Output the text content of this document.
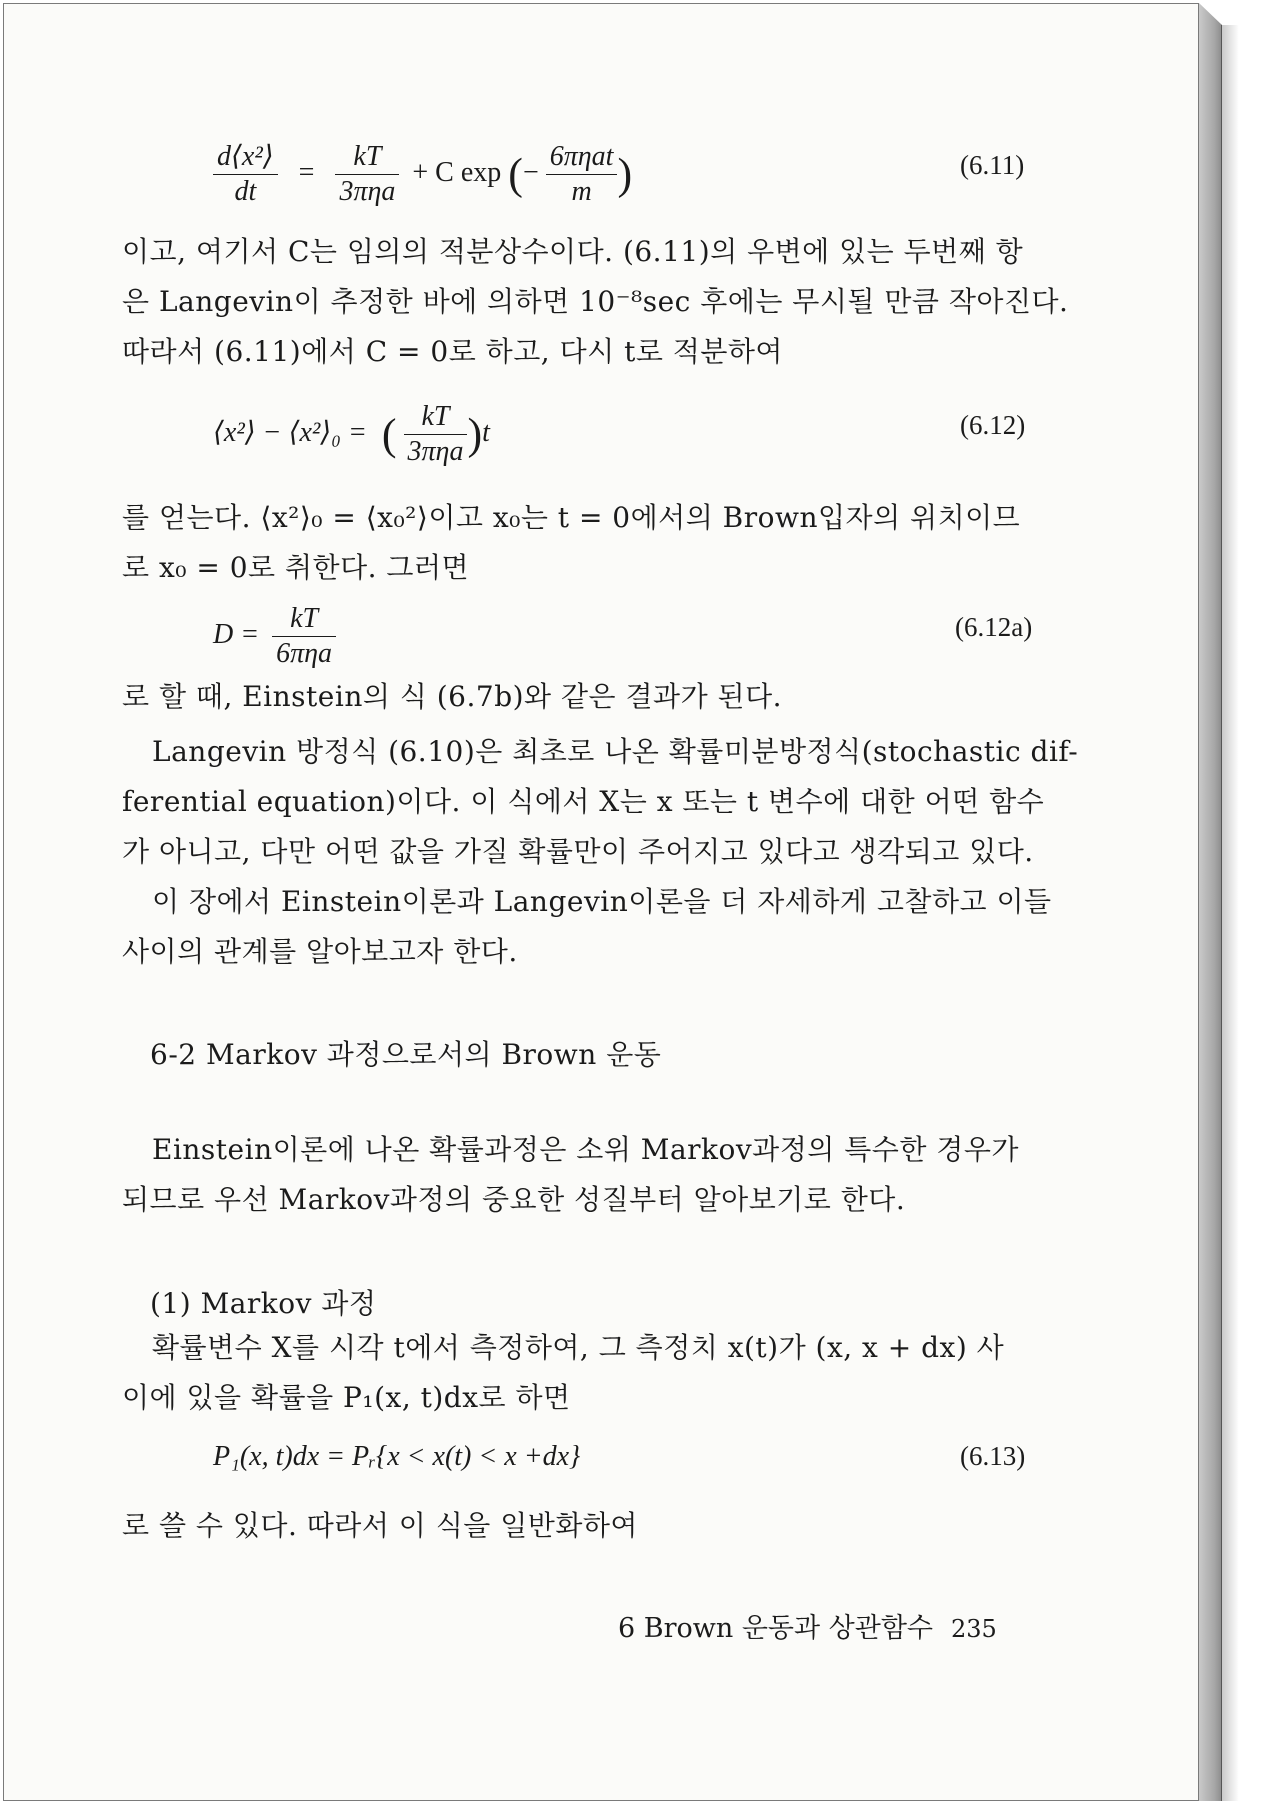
$\frac{\text{d⟨x²⟩}}{dt} = \frac{kT}{\text{3πηa}} + C$ exp (− $\frac{\text{6πηat}}{m}$ )	(6.11)
이고, 여기서 C는 임의의 적분상수이다. (6.11)의 우변에 있는 두번째 항
은 Langevin이 추정한 바에 의하면 10⁻⁸sec 후에는 무시될 만큼 작아진다.
따라서 (6.11)에서 C = 0로 하고, 다시 t로 적분하여
⟨x²⟩ − ⟨x²⟩₀ = ( $\frac{kT}{\text{3πηa}} )t$	(6.12)
를 얻는다. ⟨x²⟩₀ = ⟨x₀²⟩이고 x₀는 t = 0에서의 Brown입자의 위치이므
로 x₀ = 0로 취한다. 그러면
$D = \frac{kT}{\text{6πηa}}$	(6.12a)
로 할 때, Einstein의 식 (6.7b)와 같은 결과가 된다.
Langevin 방정식 (6.10)은 최초로 나온 확률미분방정식(stochastic dif-
ferential equation)이다. 이 식에서 X는 x 또는 t 변수에 대한 어떤 함수
가 아니고, 다만 어떤 값을 가질 확률만이 주어지고 있다고 생각되고 있다.
이 장에서 Einstein이론과 Langevin이론을 더 자세하게 고찰하고 이들
사이의 관계를 알아보고자 한다.
6-2 Markov 과정으로서의 Brown 운동
Einstein이론에 나온 확률과정은 소위 Markov과정의 특수한 경우가
되므로 우선 Markov과정의 중요한 성질부터 알아보기로 한다.
(1) Markov 과정
확률변수 X를 시각 t에서 측정하여, 그 측정치 x(t)가 (x, x + dx) 사
이에 있을 확률을 P₁(x, t)dx로 하면
P₁(x, t)dx = Pᵣ{x < x(t) < x +dx}	(6.13)
로 쓸 수 있다. 따라서 이 식을 일반화하여
6 Brown 운동과 상관함수 235
